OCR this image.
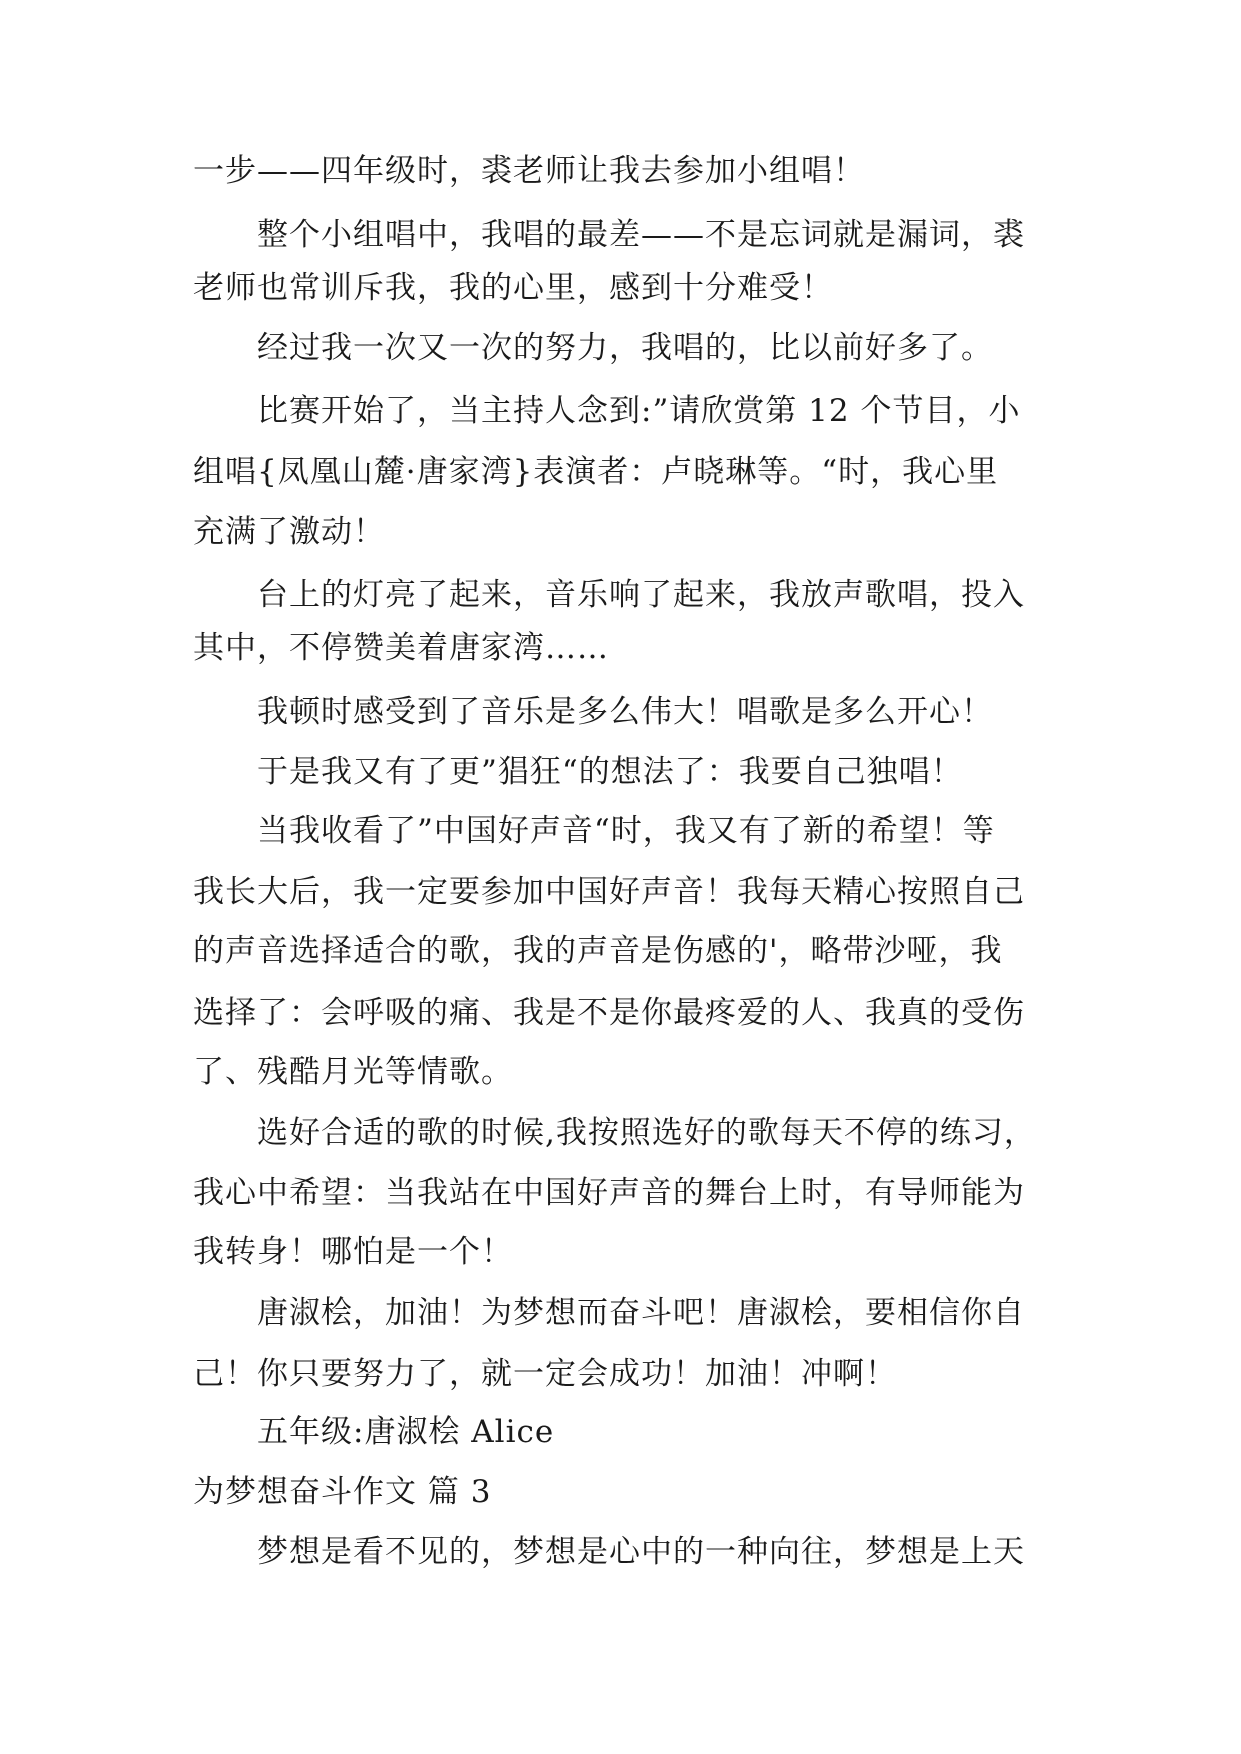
一步——四年级时，裘老师让我去参加小组唱！
整个小组唱中，我唱的最差——不是忘词就是漏词，裘
老师也常训斥我，我的心里，感到十分难受！
经过我一次又一次的努力，我唱的，比以前好多了。
比赛开始了，当主持人念到:”请欣赏第 12 个节目，小
组唱{凤凰山麓·唐家湾}表演者：卢晓琳等。“时，我心里
充满了激动！
台上的灯亮了起来，音乐响了起来，我放声歌唱，投入
其中，不停赞美着唐家湾……
我顿时感受到了音乐是多么伟大！唱歌是多么开心！
于是我又有了更”猖狂“的想法了：我要自己独唱！
当我收看了”中国好声音“时，我又有了新的希望！等
我长大后，我一定要参加中国好声音！我每天精心按照自己
的声音选择适合的歌，我的声音是伤感的'，略带沙哑，我
选择了：会呼吸的痛、我是不是你最疼爱的人、我真的受伤
了、残酷月光等情歌。
选好合适的歌的时候,我按照选好的歌每天不停的练习，
我心中希望：当我站在中国好声音的舞台上时，有导师能为
我转身！哪怕是一个！
唐淑桧，加油！为梦想而奋斗吧！唐淑桧，要相信你自
己！你只要努力了，就一定会成功！加油！冲啊！
五年级:唐淑桧 Alice
为梦想奋斗作文 篇 3
梦想是看不见的，梦想是心中的一种向往，梦想是上天
